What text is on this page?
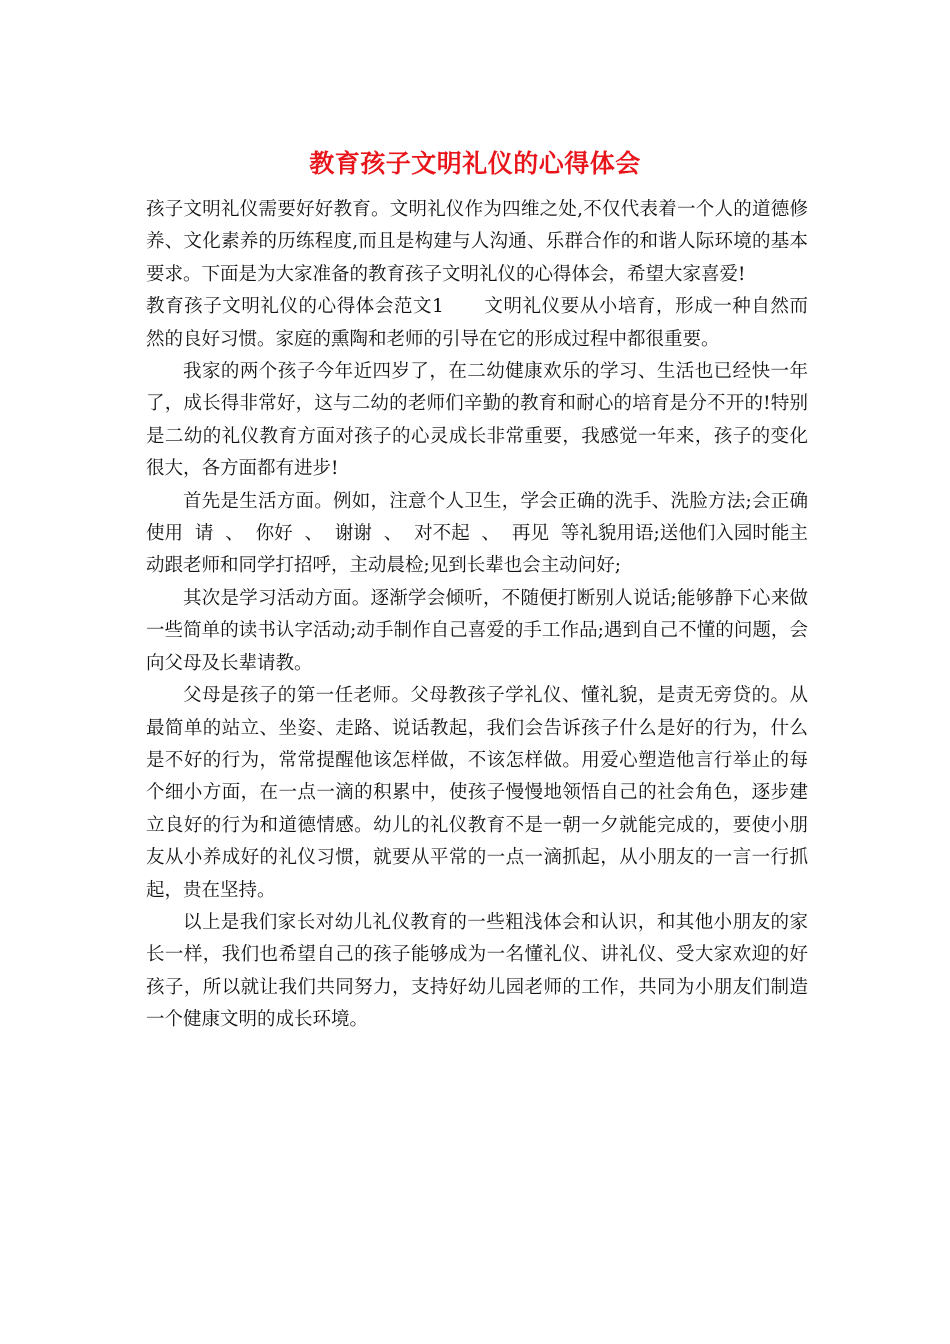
教育孩子文明礼仪的心得体会

孩子文明礼仪需要好好教育。文明礼仪作为四维之处,不仅代表着一个人的道德修养、文化素养的历练程度,而且是构建与人沟通、乐群合作的和谐人际环境的基本要求。下面是为大家准备的教育孩子文明礼仪的心得体会，希望大家喜爱!

教育孩子文明礼仪的心得体会范文1 文明礼仪要从小培育，形成一种自然而然的良好习惯。家庭的熏陶和老师的引导在它的形成过程中都很重要。

我家的两个孩子今年近四岁了，在二幼健康欢乐的学习、生活也已经快一年了，成长得非常好，这与二幼的老师们辛勤的教育和耐心的培育是分不开的!特别是二幼的礼仪教育方面对孩子的心灵成长非常重要，我感觉一年来，孩子的变化很大，各方面都有进步!

首先是生活方面。例如，注意个人卫生，学会正确的洗手、洗脸方法;会正确使用  请  、  你好  、  谢谢  、  对不起  、  再见  等礼貌用语;送他们入园时能主动跟老师和同学打招呼，主动晨检;见到长辈也会主动问好;

其次是学习活动方面。逐渐学会倾听，不随便打断别人说话;能够静下心来做一些简单的读书认字活动;动手制作自己喜爱的手工作品;遇到自己不懂的问题，会向父母及长辈请教。

父母是孩子的第一任老师。父母教孩子学礼仪、懂礼貌，是责无旁贷的。从最简单的站立、坐姿、走路、说话教起，我们会告诉孩子什么是好的行为，什么是不好的行为，常常提醒他该怎样做，不该怎样做。用爱心塑造他言行举止的每个细小方面，在一点一滴的积累中，使孩子慢慢地领悟自己的社会角色，逐步建立良好的行为和道德情感。幼儿的礼仪教育不是一朝一夕就能完成的，要使小朋友从小养成好的礼仪习惯，就要从平常的一点一滴抓起，从小朋友的一言一行抓起，贵在坚持。

以上是我们家长对幼儿礼仪教育的一些粗浅体会和认识，和其他小朋友的家长一样，我们也希望自己的孩子能够成为一名懂礼仪、讲礼仪、受大家欢迎的好孩子，所以就让我们共同努力，支持好幼儿园老师的工作，共同为小朋友们制造一个健康文明的成长环境。
